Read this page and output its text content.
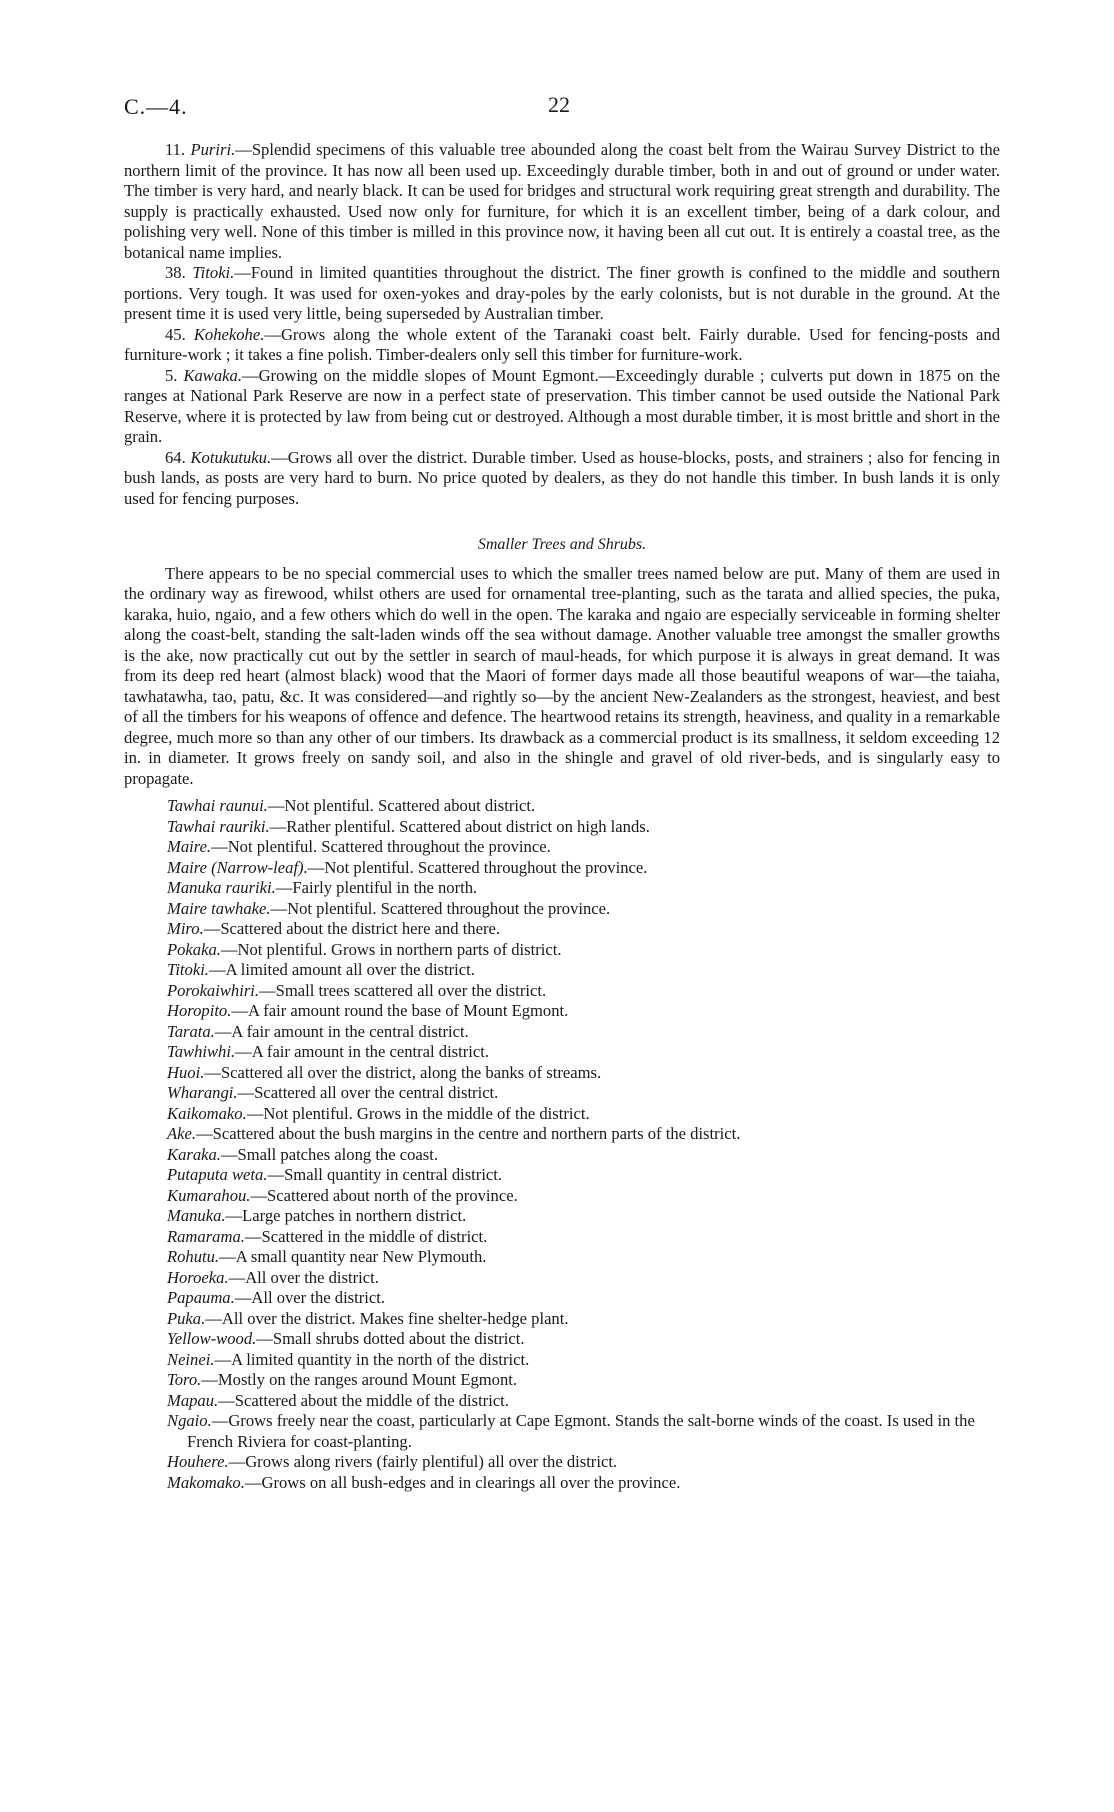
C.—4.	22

11. Puriri.—Splendid specimens of this valuable tree abounded along the coast belt from the Wairau Survey District to the northern limit of the province. It has now all been used up. Exceedingly durable timber, both in and out of ground or under water. The timber is very hard, and nearly black. It can be used for bridges and structural work requiring great strength and durability. The supply is practically exhausted. Used now only for furniture, for which it is an excellent timber, being of a dark colour, and polishing very well. None of this timber is milled in this province now, it having been all cut out. It is entirely a coastal tree, as the botanical name implies.

38. Titoki.—Found in limited quantities throughout the district. The finer growth is confined to the middle and southern portions. Very tough. It was used for oxen-yokes and dray-poles by the early colonists, but is not durable in the ground. At the present time it is used very little, being superseded by Australian timber.

45. Kohekohe.—Grows along the whole extent of the Taranaki coast belt. Fairly durable. Used for fencing-posts and furniture-work ; it takes a fine polish. Timber-dealers only sell this timber for furniture-work.

5. Kawaka.—Growing on the middle slopes of Mount Egmont.—Exceedingly durable ; culverts put down in 1875 on the ranges at National Park Reserve are now in a perfect state of preservation. This timber cannot be used outside the National Park Reserve, where it is protected by law from being cut or destroyed. Although a most durable timber, it is most brittle and short in the grain.

64. Kotukutuku.—Grows all over the district. Durable timber. Used as house-blocks, posts, and strainers ; also for fencing in bush lands, as posts are very hard to burn. No price quoted by dealers, as they do not handle this timber. In bush lands it is only used for fencing purposes.

Smaller Trees and Shrubs.

There appears to be no special commercial uses to which the smaller trees named below are put. Many of them are used in the ordinary way as firewood, whilst others are used for ornamental tree-planting, such as the tarata and allied species, the puka, karaka, huio, ngaio, and a few others which do well in the open. The karaka and ngaio are especially serviceable in forming shelter along the coast-belt, standing the salt-laden winds off the sea without damage. Another valuable tree amongst the smaller growths is the ake, now practically cut out by the settler in search of maul-heads, for which purpose it is always in great demand. It was from its deep red heart (almost black) wood that the Maori of former days made all those beautiful weapons of war—the taiaha, tawhatawha, tao, patu, &c. It was considered—and rightly so—by the ancient New-Zealanders as the strongest, heaviest, and best of all the timbers for his weapons of offence and defence. The heartwood retains its strength, heaviness, and quality in a remarkable degree, much more so than any other of our timbers. Its drawback as a commercial product is its smallness, it seldom exceeding 12 in. in diameter. It grows freely on sandy soil, and also in the shingle and gravel of old river-beds, and is singularly easy to propagate.

Tawhai raunui.—Not plentiful. Scattered about district.
Tawhai rauriki.—Rather plentiful. Scattered about district on high lands.
Maire.—Not plentiful. Scattered throughout the province.
Maire (Narrow-leaf).—Not plentiful. Scattered throughout the province.
Manuka rauriki.—Fairly plentiful in the north.
Maire tawhake.—Not plentiful. Scattered throughout the province.
Miro.—Scattered about the district here and there.
Pokaka.—Not plentiful. Grows in northern parts of district.
Titoki.—A limited amount all over the district.
Porokaiwhiri.—Small trees scattered all over the district.
Horopito.—A fair amount round the base of Mount Egmont.
Tarata.—A fair amount in the central district.
Tawhiwhi.—A fair amount in the central district.
Huoi.—Scattered all over the district, along the banks of streams.
Wharangi.—Scattered all over the central district.
Kaikomako.—Not plentiful. Grows in the middle of the district.
Ake.—Scattered about the bush margins in the centre and northern parts of the district.
Karaka.—Small patches along the coast.
Putaputa weta.—Small quantity in central district.
Kumarahou.—Scattered about north of the province.
Manuka.—Large patches in northern district.
Ramarama.—Scattered in the middle of district.
Rohutu.—A small quantity near New Plymouth.
Horoeka.—All over the district.
Papauma.—All over the district.
Puka.—All over the district. Makes fine shelter-hedge plant.
Yellow-wood.—Small shrubs dotted about the district.
Neinei.—A limited quantity in the north of the district.
Toro.—Mostly on the ranges around Mount Egmont.
Mapau.—Scattered about the middle of the district.
Ngaio.—Grows freely near the coast, particularly at Cape Egmont. Stands the salt-borne winds of the coast. Is used in the French Riviera for coast-planting.
Houhere.—Grows along rivers (fairly plentiful) all over the district.
Makomako.—Grows on all bush-edges and in clearings all over the province.
